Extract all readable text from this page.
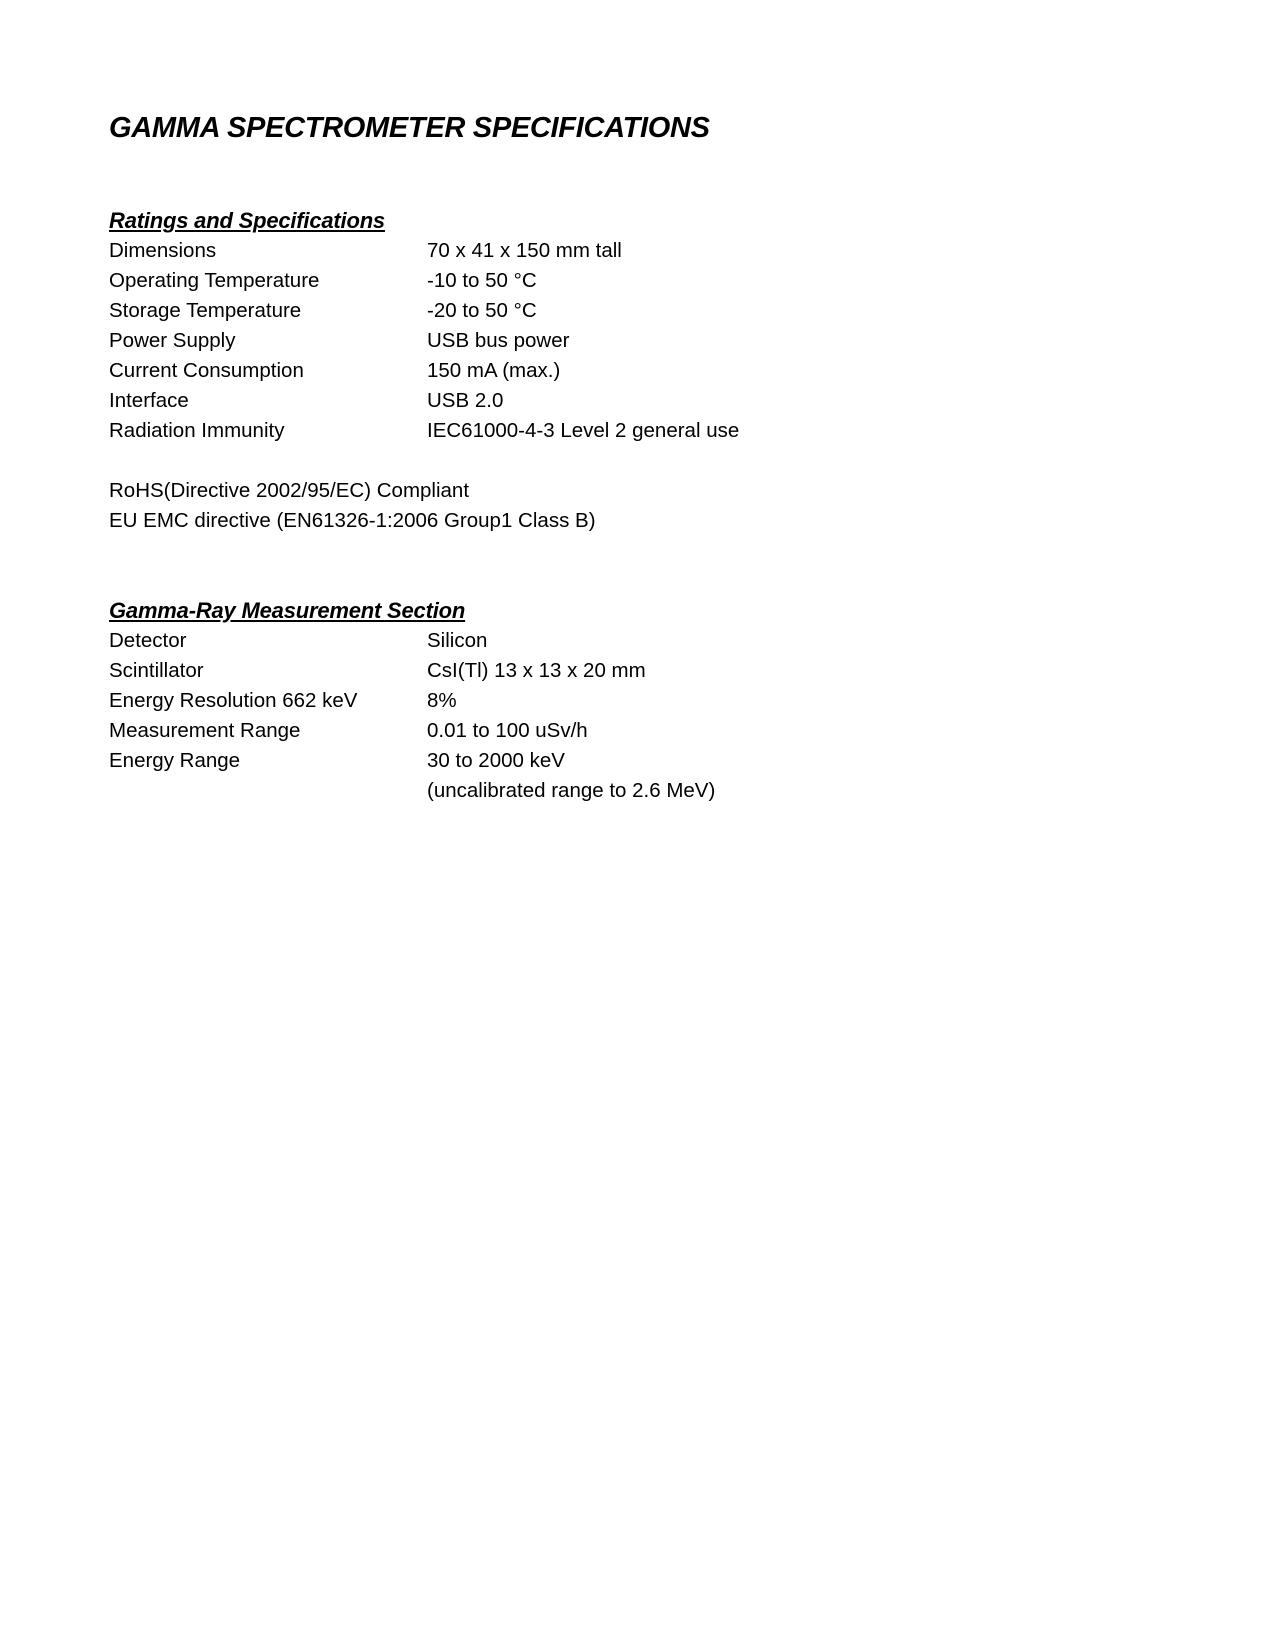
GAMMA SPECTROMETER SPECIFICATIONS
Ratings and Specifications
Dimensions	70 x 41 x 150 mm tall
Operating Temperature	-10 to 50 °C
Storage Temperature	-20 to 50 °C
Power Supply	USB bus power
Current Consumption	150 mA (max.)
Interface	USB 2.0
Radiation Immunity	IEC61000-4-3 Level 2 general use
RoHS(Directive 2002/95/EC) Compliant
EU EMC directive (EN61326-1:2006 Group1 Class B)
Gamma-Ray Measurement Section
Detector	Silicon
Scintillator	CsI(Tl) 13 x 13 x 20 mm
Energy Resolution 662 keV	8%
Measurement Range	0.01 to 100 uSv/h
Energy Range	30 to 2000 keV
(uncalibrated range to 2.6 MeV)
